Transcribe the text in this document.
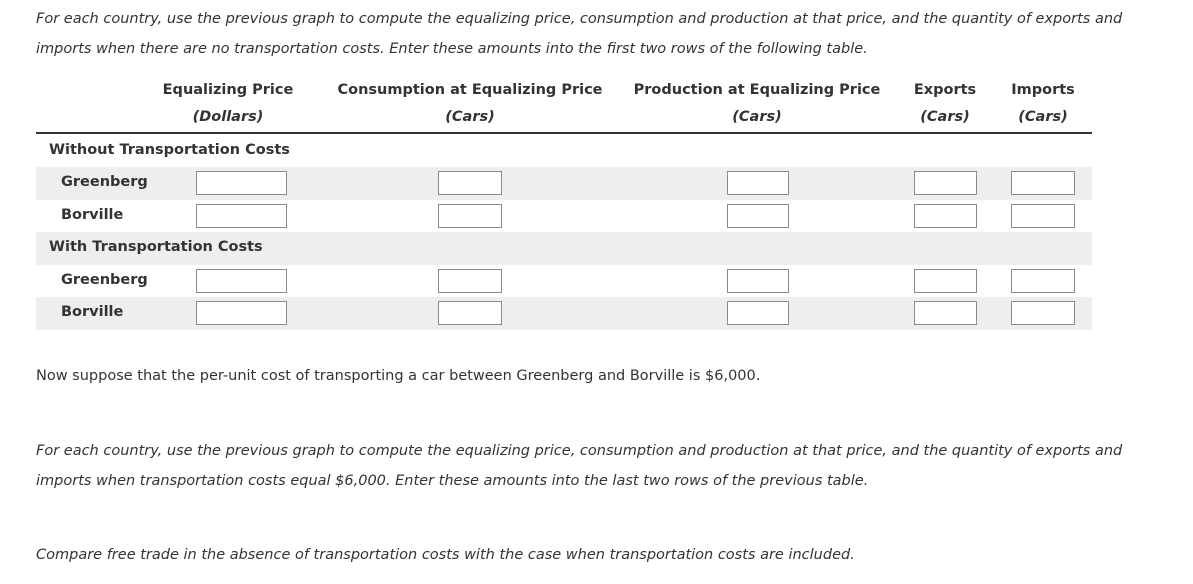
For each country, use the previous graph to compute the equalizing price, consumption and production at that price, and the quantity of exports and imports when there are no transportation costs. Enter these amounts into the first two rows of the following table.
Equalizing Price
(Dollars)
Consumption at Equalizing Price
(Cars)
Production at Equalizing Price
(Cars)
Exports
(Cars)
Imports
(Cars)
Without Transportation Costs
Greenberg
Borville
With Transportation Costs
Greenberg
Borville
Now suppose that the per-unit cost of transporting a car between Greenberg and Borville is $6,000.
For each country, use the previous graph to compute the equalizing price, consumption and production at that price, and the quantity of exports and imports when transportation costs equal $6,000. Enter these amounts into the last two rows of the previous table.
Compare free trade in the absence of transportation costs with the case when transportation costs are included.
